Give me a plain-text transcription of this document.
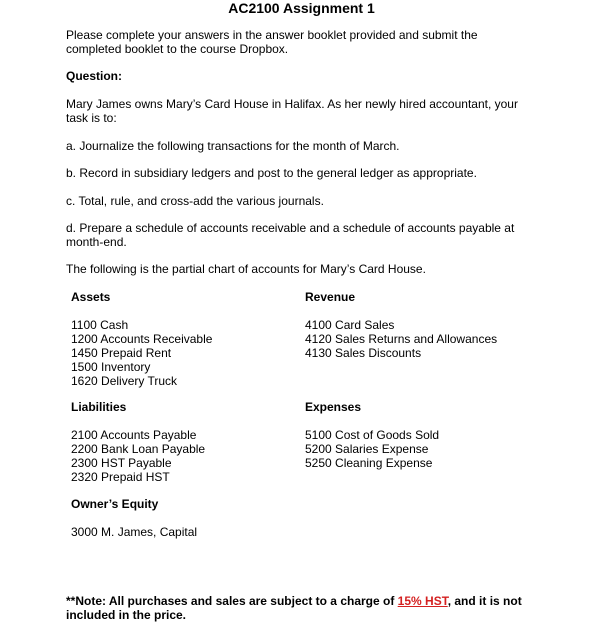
AC2100 Assignment 1

Please complete your answers in the answer booklet provided and submit the completed booklet to the course Dropbox.

Question:

Mary James owns Mary’s Card House in Halifax. As her newly hired accountant, your task is to:

a. Journalize the following transactions for the month of March.

b. Record in subsidiary ledgers and post to the general ledger as appropriate.

c. Total, rule, and cross-add the various journals.

d. Prepare a schedule of accounts receivable and a schedule of accounts payable at month-end.

The following is the partial chart of accounts for Mary’s Card House.

Assets
1100 Cash
1200 Accounts Receivable
1450 Prepaid Rent
1500 Inventory
1620 Delivery Truck
Revenue
4100 Card Sales
4120 Sales Returns and Allowances
4130 Sales Discounts
Liabilities
2100 Accounts Payable
2200 Bank Loan Payable
2300 HST Payable
2320 Prepaid HST
Expenses
5100 Cost of Goods Sold
5200 Salaries Expense
5250 Cleaning Expense
Owner’s Equity
3000 M. James, Capital
**Note: All purchases and sales are subject to a charge of 15% HST, and it is not included in the price.
